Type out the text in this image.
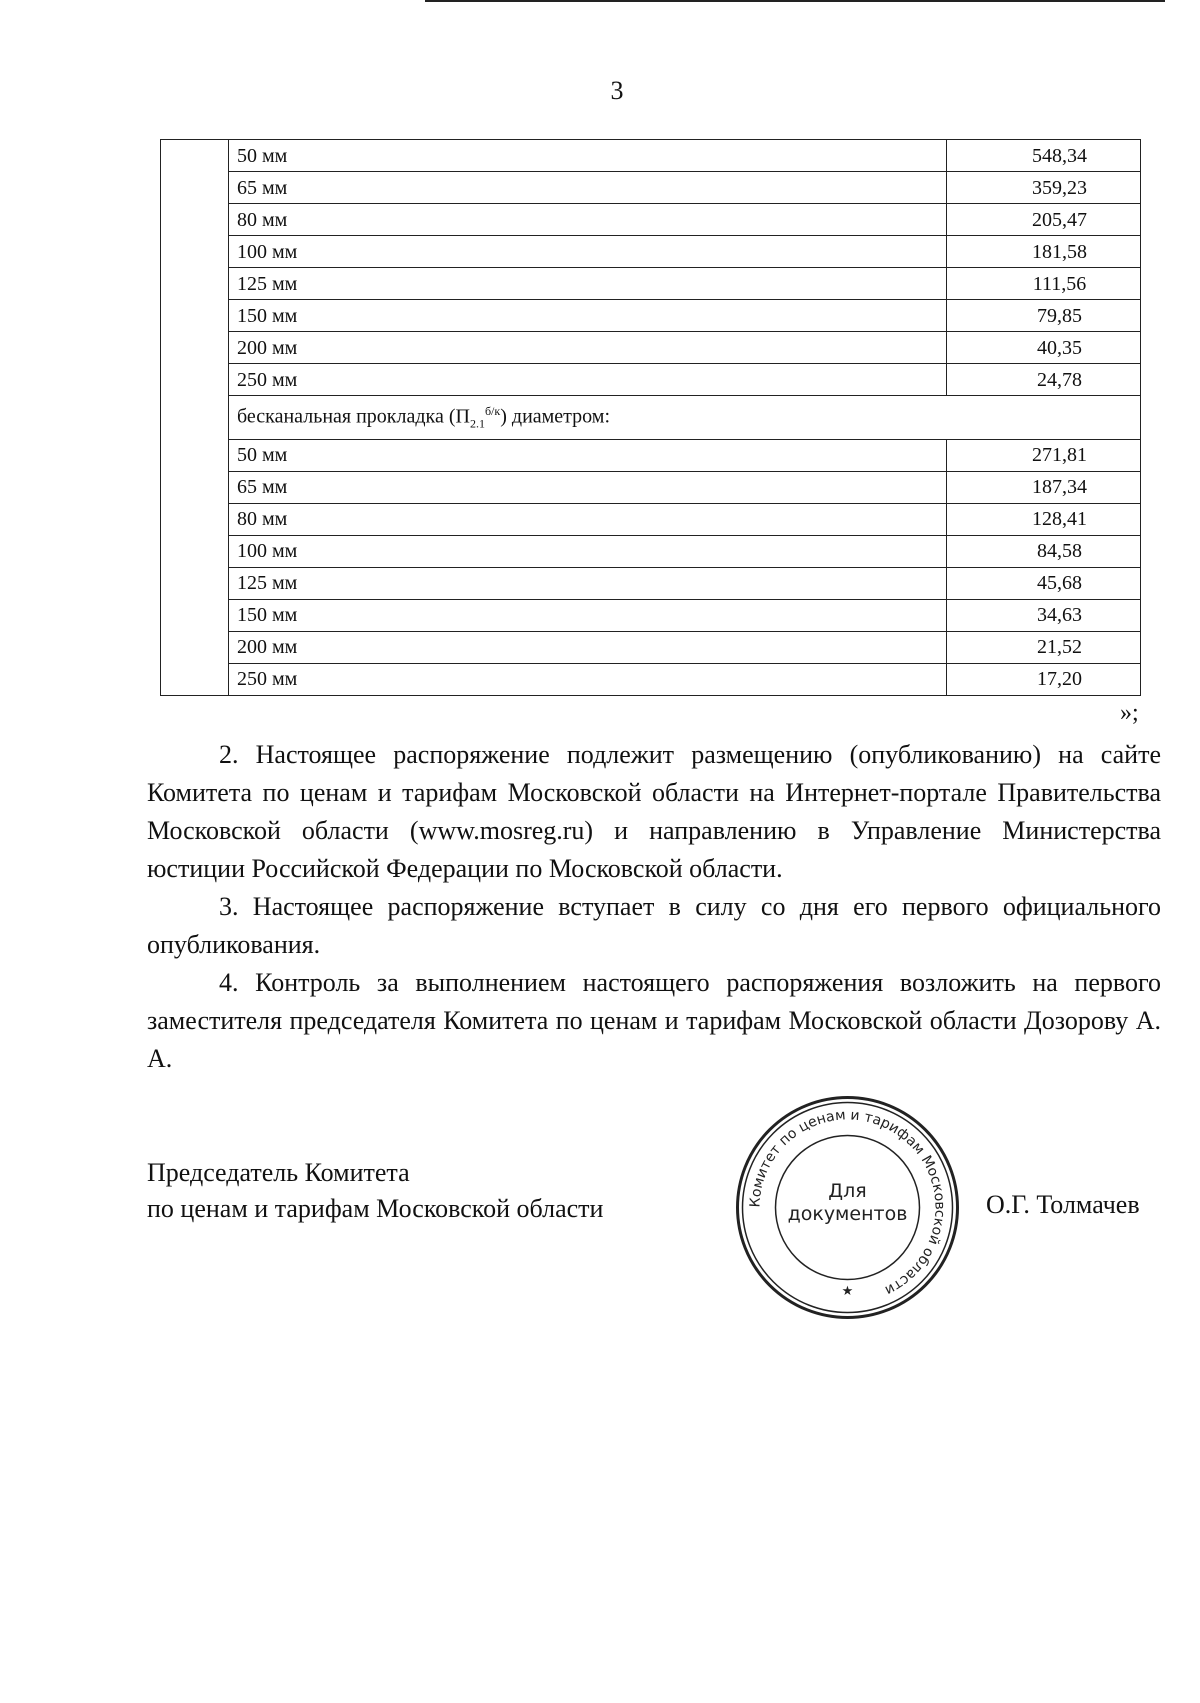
3
	50 мм	548,34
	65 мм	359,23
	80 мм	205,47
	100 мм	181,58
	125 мм	111,56
	150 мм	79,85
	200 мм	40,35
	250 мм	24,78
	бесканальная прокладка $(П_{2.1}^{б/к})$ диаметром:	
	50 мм	271,81
	65 мм	187,34
	80 мм	128,41
	100 мм	84,58
	125 мм	45,68
	150 мм	34,63
	200 мм	21,52
	250 мм	17,20
»;

2. Настоящее распоряжение подлежит размещению (опубликованию) на сайте Комитета по ценам и тарифам Московской области на Интернет-портале Правительства Московской области (www.mosreg.ru) и направлению в Управление Министерства юстиции Российской Федерации по Московской области.

3. Настоящее распоряжение вступает в силу со дня его первого официального опубликования.

4. Контроль за выполнением настоящего распоряжения возложить на первого заместителя председателя Комитета по ценам и тарифам Московской области Дозорову А. А.

Председатель Комитета
по ценам и тарифам Московской области	Комитет по ценам и тарифам Московской области
★
Для
документов	О.Г. Толмачев
